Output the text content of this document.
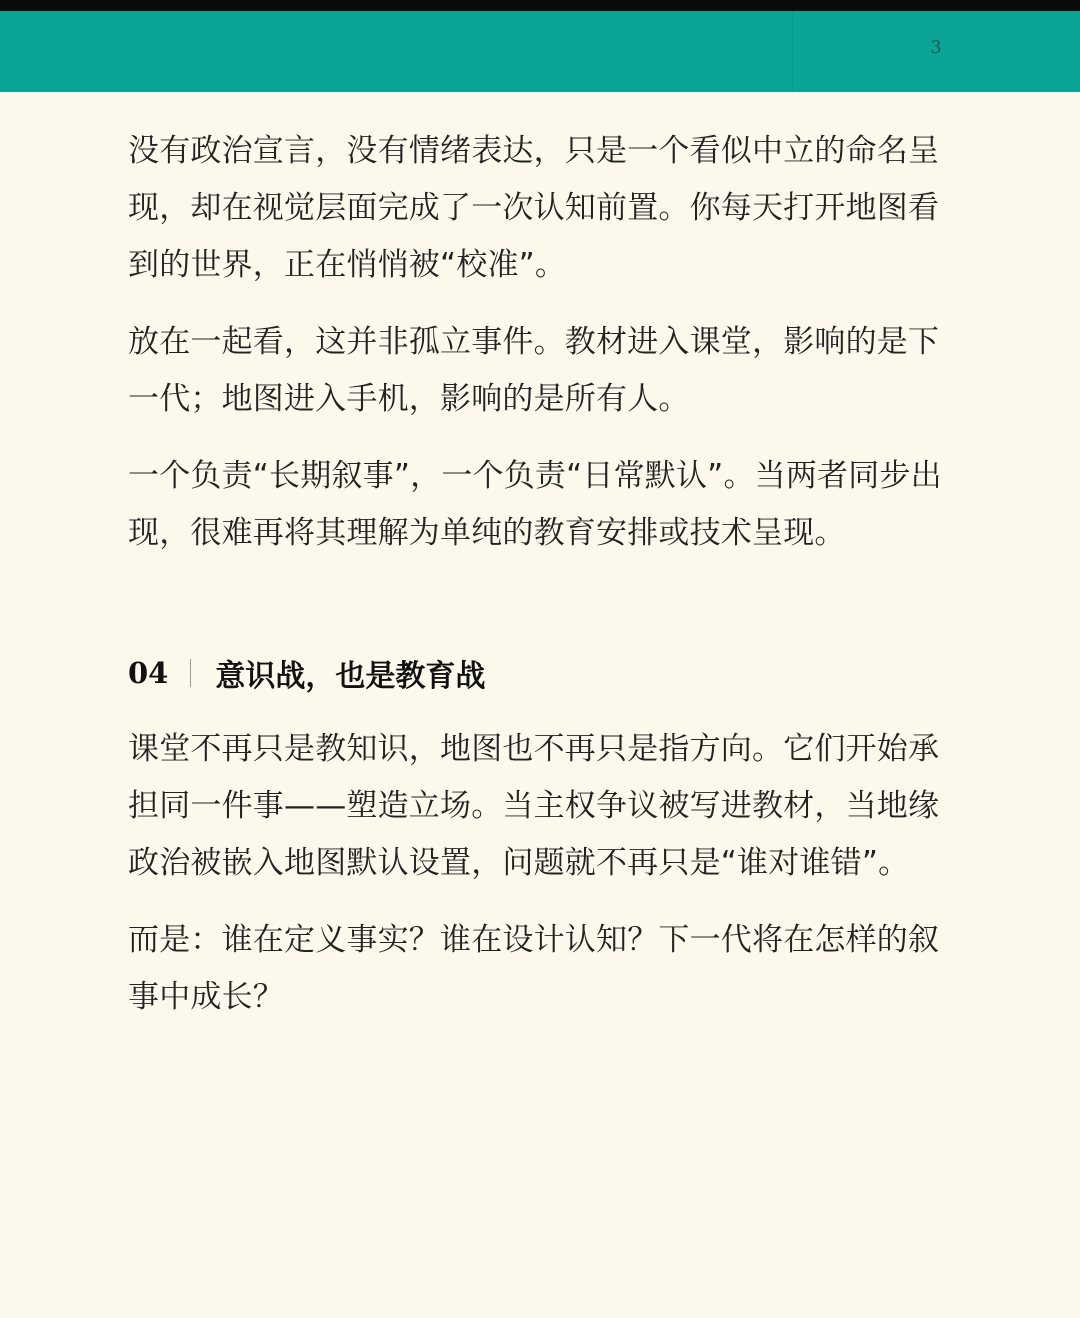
3

没有政治宣言，没有情绪表达，只是一个看似中立的命名呈现，却在视觉层面完成了一次认知前置。你每天打开地图看到的世界，正在悄悄被“校准”。

放在一起看，这并非孤立事件。教材进入课堂，影响的是下一代；地图进入手机，影响的是所有人。

一个负责“长期叙事”，一个负责“日常默认”。当两者同步出现，很难再将其理解为单纯的教育安排或技术呈现。

04 意识战，也是教育战

课堂不再只是教知识，地图也不再只是指方向。它们开始承担同一件事——塑造立场。当主权争议被写进教材，当地缘政治被嵌入地图默认设置，问题就不再只是“谁对谁错”。

而是：谁在定义事实？谁在设计认知？下一代将在怎样的叙事中成长？
